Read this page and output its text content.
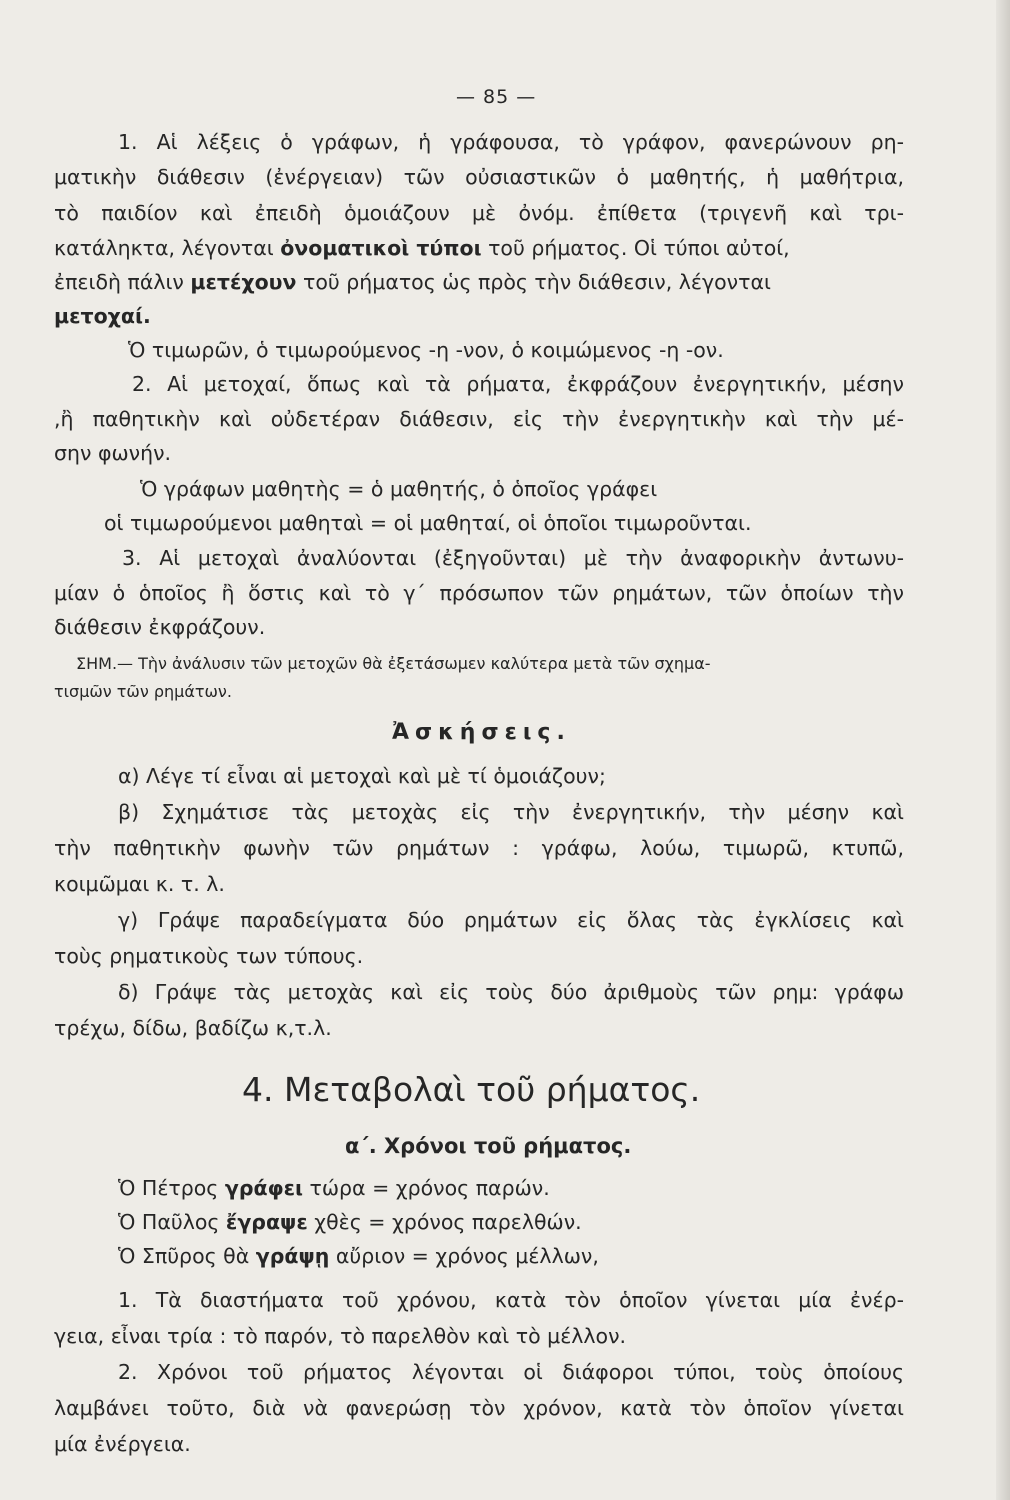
— 85 —
1. Αἱ λέξεις ὁ γράφων, ἡ γράφουσα, τὸ γράφον, φανερώνουν ρη-
ματικὴν διάθεσιν (ἐνέργειαν) τῶν οὐσιαστικῶν ὁ μαθητής, ἡ μαθήτρια,
τὸ παιδίον καὶ ἐπειδὴ ὁμοιάζουν μὲ ὀνόμ. ἐπίθετα (τριγενῆ καὶ τρι-
κατάληκτα, λέγονται ὀνοματικοὶ τύποι τοῦ ρήματος. Οἱ τύποι αὐτοί,
ἐπειδὴ πάλιν μετέχουν τοῦ ρήματος ὡς πρὸς τὴν διάθεσιν, λέγονται
μετοχαί.
Ὁ τιμωρῶν, ὁ τιμωρούμενος -η -νον, ὁ κοιμώμενος -η -ον.
2. Αἱ μετοχαί, ὅπως καὶ τὰ ρήματα, ἐκφράζουν ἐνεργητικήν, μέσην
,ἢ παθητικὴν καὶ οὐδετέραν διάθεσιν, εἰς τὴν ἐνεργητικὴν καὶ τὴν μέ-
σην φωνήν.
Ὁ γράφων μαθητὴς = ὁ μαθητής, ὁ ὁποῖος γράφει
οἱ τιμωρούμενοι μαθηταὶ = οἱ μαθηταί, οἱ ὁποῖοι τιμωροῦνται.
3. Αἱ μετοχαὶ ἀναλύονται (ἐξηγοῦνται) μὲ τὴν ἀναφορικὴν ἀντωνυ-
μίαν ὁ ὁποῖος ἢ ὅστις καὶ τὸ γ΄ πρόσωπον τῶν ρημάτων, τῶν ὁποίων τὴν
διάθεσιν ἐκφράζουν.
ΣΗΜ.— Τὴν ἀνάλυσιν τῶν μετοχῶν θὰ ἐξετάσωμεν καλύτερα μετὰ τῶν σχημα-
τισμῶν τῶν ρημάτων.
Ἀσκήσεις.
α) Λέγε τί εἶναι αἱ μετοχαὶ καὶ μὲ τί ὁμοιάζουν;
β) Σχημάτισε τὰς μετοχὰς εἰς τὴν ἐνεργητικήν, τὴν μέσην καὶ
τὴν παθητικὴν φωνὴν τῶν ρημάτων : γράφω, λούω, τιμωρῶ, κτυπῶ,
κοιμῶμαι κ. τ. λ.
γ) Γράψε παραδείγματα δύο ρημάτων εἰς ὅλας τὰς ἐγκλίσεις καὶ
τοὺς ρηματικοὺς των τύπους.
δ) Γράψε τὰς μετοχὰς καὶ εἰς τοὺς δύο ἀριθμοὺς τῶν ρημ: γράφω
τρέχω, δίδω, βαδίζω κ,τ.λ.
4. Μεταβολαὶ τοῦ ρήματος.
α΄. Χρόνοι τοῦ ρήματος.
Ὁ Πέτρος γράφει τώρα = χρόνος παρών.
Ὁ Παῦλος ἔγραψε χθὲς = χρόνος παρελθών.
Ὁ Σπῦρος θὰ γράψῃ αὔριον = χρόνος μέλλων,
1. Τὰ διαστήματα τοῦ χρόνου, κατὰ τὸν ὁποῖον γίνεται μία ἐνέρ-
γεια, εἶναι τρία : τὸ παρόν, τὸ παρελθὸν καὶ τὸ μέλλον.
2. Χρόνοι τοῦ ρήματος λέγονται οἱ διάφοροι τύποι, τοὺς ὁποίους
λαμβάνει τοῦτο, διὰ νὰ φανερώσῃ τὸν χρόνον, κατὰ τὸν ὁποῖον γίνεται
μία ἐνέργεια.
